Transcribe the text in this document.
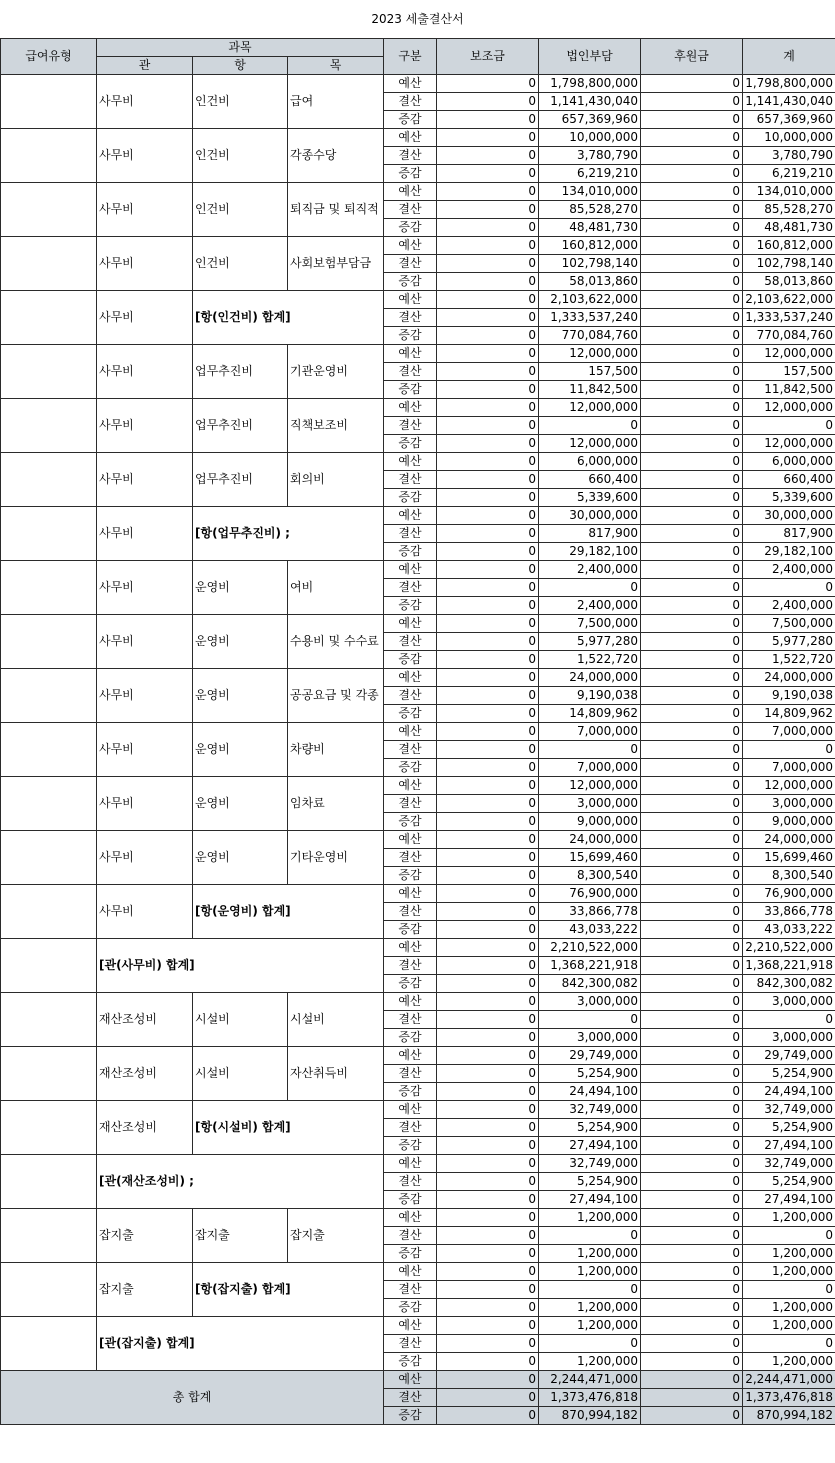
2023 세출결산서
급여유형	과목			구분	보조금	법인부담	후원금	계
	관	항	목					
	사무비	인건비	급여	예산	0	1,798,800,000	0	1,798,800,000
				결산	0	1,141,430,040	0	1,141,430,040
				증감	0	657,369,960	0	657,369,960
	사무비	인건비	각종수당	예산	0	10,000,000	0	10,000,000
				결산	0	3,780,790	0	3,780,790
				증감	0	6,219,210	0	6,219,210
	사무비	인건비	퇴직금 및 퇴직적	예산	0	134,010,000	0	134,010,000
				결산	0	85,528,270	0	85,528,270
				증감	0	48,481,730	0	48,481,730
	사무비	인건비	사회보험부담금	예산	0	160,812,000	0	160,812,000
				결산	0	102,798,140	0	102,798,140
				증감	0	58,013,860	0	58,013,860
	사무비	[항(인건비) 합계]		예산	0	2,103,622,000	0	2,103,622,000
				결산	0	1,333,537,240	0	1,333,537,240
				증감	0	770,084,760	0	770,084,760
	사무비	업무추진비	기관운영비	예산	0	12,000,000	0	12,000,000
				결산	0	157,500	0	157,500
				증감	0	11,842,500	0	11,842,500
	사무비	업무추진비	직책보조비	예산	0	12,000,000	0	12,000,000
				결산	0	0	0	0
				증감	0	12,000,000	0	12,000,000
	사무비	업무추진비	회의비	예산	0	6,000,000	0	6,000,000
				결산	0	660,400	0	660,400
				증감	0	5,339,600	0	5,339,600
	사무비	[항(업무추진비) ;		예산	0	30,000,000	0	30,000,000
				결산	0	817,900	0	817,900
				증감	0	29,182,100	0	29,182,100
	사무비	운영비	여비	예산	0	2,400,000	0	2,400,000
				결산	0	0	0	0
				증감	0	2,400,000	0	2,400,000
	사무비	운영비	수용비 및 수수료	예산	0	7,500,000	0	7,500,000
				결산	0	5,977,280	0	5,977,280
				증감	0	1,522,720	0	1,522,720
	사무비	운영비	공공요금 및 각종	예산	0	24,000,000	0	24,000,000
				결산	0	9,190,038	0	9,190,038
				증감	0	14,809,962	0	14,809,962
	사무비	운영비	차량비	예산	0	7,000,000	0	7,000,000
				결산	0	0	0	0
				증감	0	7,000,000	0	7,000,000
	사무비	운영비	임차료	예산	0	12,000,000	0	12,000,000
				결산	0	3,000,000	0	3,000,000
				증감	0	9,000,000	0	9,000,000
	사무비	운영비	기타운영비	예산	0	24,000,000	0	24,000,000
				결산	0	15,699,460	0	15,699,460
				증감	0	8,300,540	0	8,300,540
	사무비	[항(운영비) 합계]		예산	0	76,900,000	0	76,900,000
				결산	0	33,866,778	0	33,866,778
				증감	0	43,033,222	0	43,033,222
	[관(사무비) 합계]			예산	0	2,210,522,000	0	2,210,522,000
				결산	0	1,368,221,918	0	1,368,221,918
				증감	0	842,300,082	0	842,300,082
	재산조성비	시설비	시설비	예산	0	3,000,000	0	3,000,000
				결산	0	0	0	0
				증감	0	3,000,000	0	3,000,000
	재산조성비	시설비	자산취득비	예산	0	29,749,000	0	29,749,000
				결산	0	5,254,900	0	5,254,900
				증감	0	24,494,100	0	24,494,100
	재산조성비	[항(시설비) 합계]		예산	0	32,749,000	0	32,749,000
				결산	0	5,254,900	0	5,254,900
				증감	0	27,494,100	0	27,494,100
	[관(재산조성비) ;			예산	0	32,749,000	0	32,749,000
				결산	0	5,254,900	0	5,254,900
				증감	0	27,494,100	0	27,494,100
	잡지출	잡지출	잡지출	예산	0	1,200,000	0	1,200,000
				결산	0	0	0	0
				증감	0	1,200,000	0	1,200,000
	잡지출	[항(잡지출) 합계]		예산	0	1,200,000	0	1,200,000
				결산	0	0	0	0
				증감	0	1,200,000	0	1,200,000
	[관(잡지출) 합계]			예산	0	1,200,000	0	1,200,000
				결산	0	0	0	0
				증감	0	1,200,000	0	1,200,000
총 합계				예산	0	2,244,471,000	0	2,244,471,000
				결산	0	1,373,476,818	0	1,373,476,818
				증감	0	870,994,182	0	870,994,182
